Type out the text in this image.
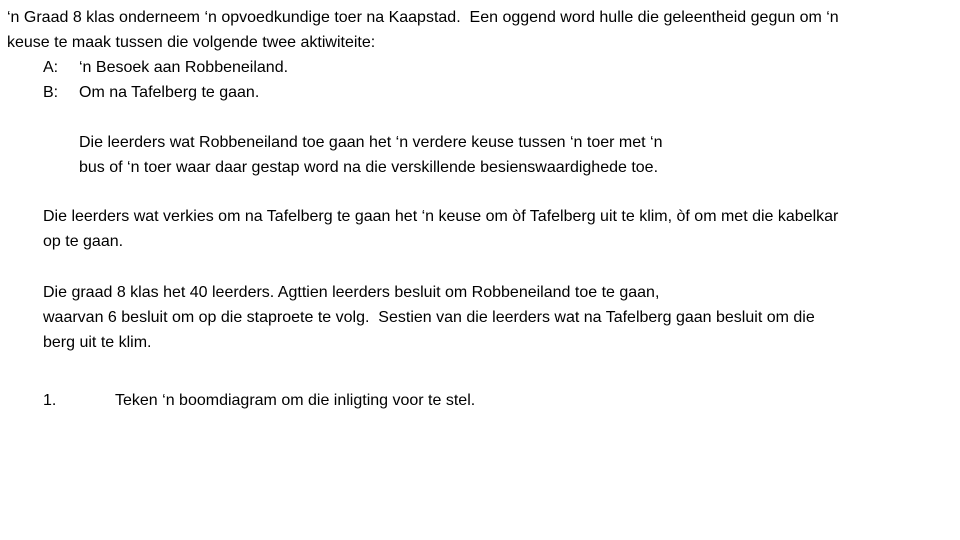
‘n Graad 8 klas onderneem ‘n opvoedkundige toer na Kaapstad.  Een oggend word hulle die geleentheid gegun om ‘n
keuse te maak tussen die volgende twee aktiwiteite:
A: ‘n Besoek aan Robbeneiland.
B: Om na Tafelberg te gaan.
Die leerders wat Robbeneiland toe gaan het ‘n verdere keuse tussen ‘n toer met ‘n
bus of ‘n toer waar daar gestap word na die verskillende besienswaardighede toe.
Die leerders wat verkies om na Tafelberg te gaan het ‘n keuse om òf Tafelberg uit te klim, òf om met die kabelkar
op te gaan.
Die graad 8 klas het 40 leerders. Agttien leerders besluit om Robbeneiland toe te gaan,
waarvan 6 besluit om op die staproete te volg.  Sestien van die leerders wat na Tafelberg gaan besluit om die
berg uit te klim.
1.	Teken ‘n boomdiagram om die inligting voor te stel.
